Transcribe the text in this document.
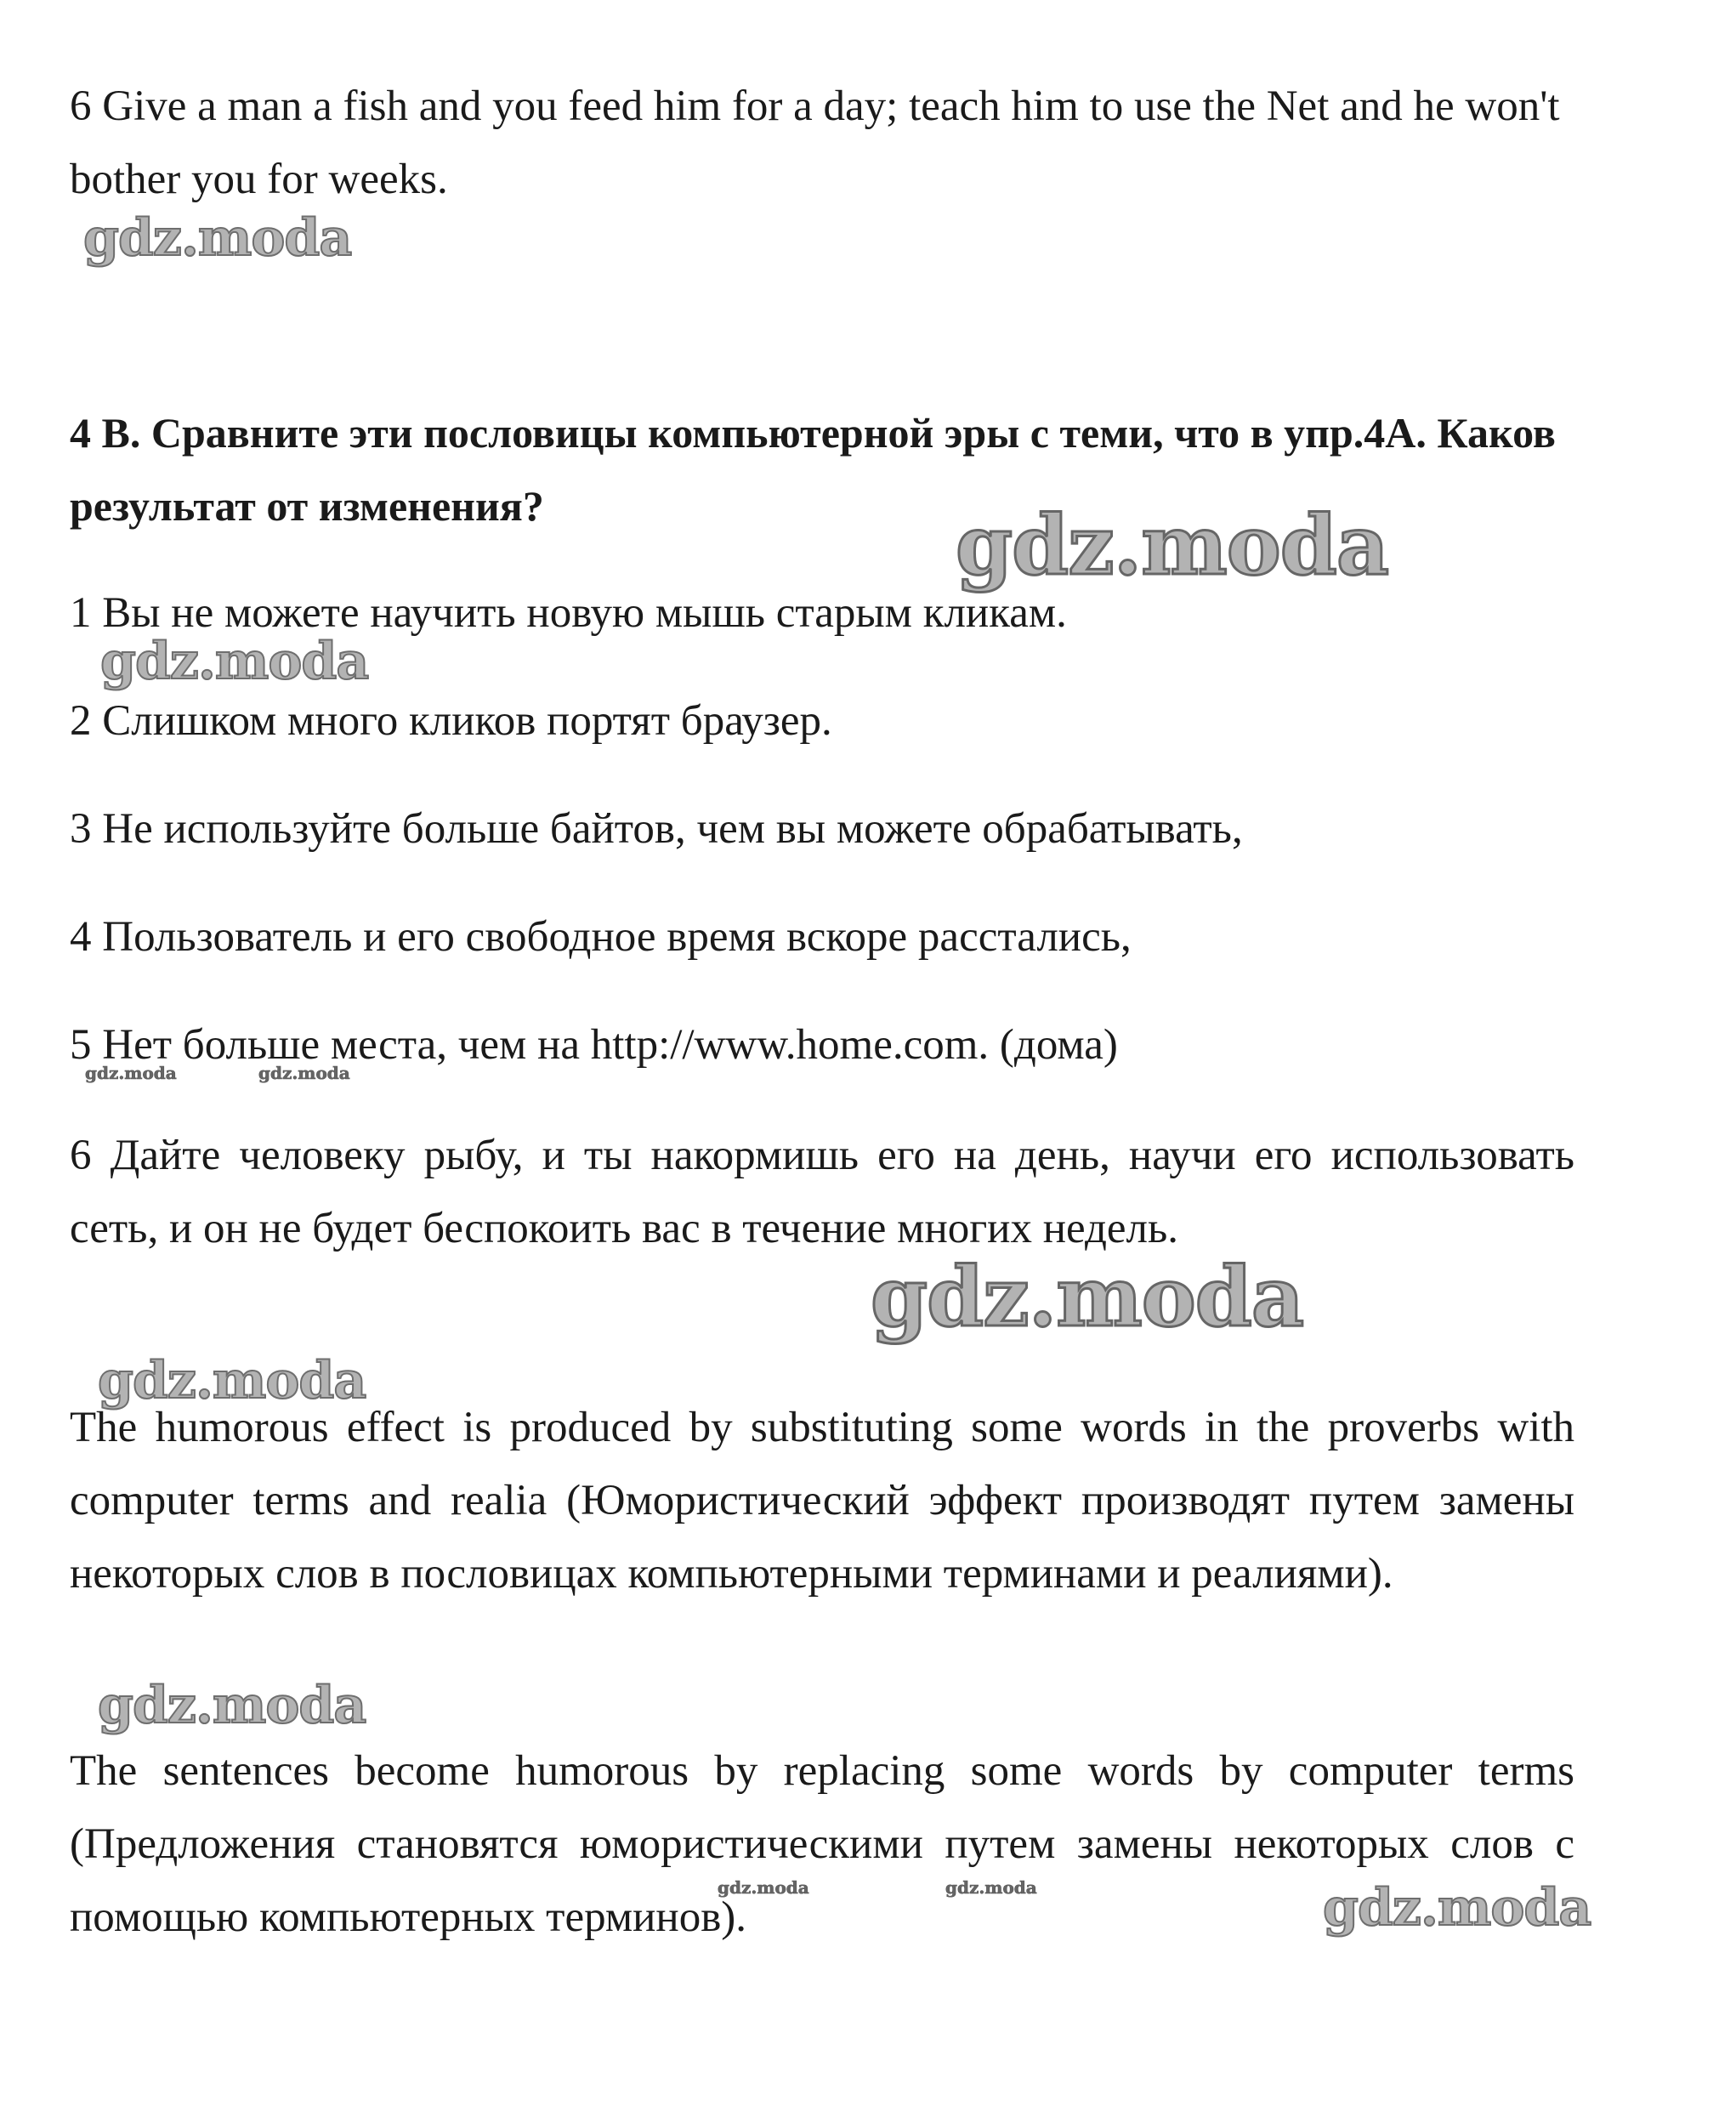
6 Give a man a fish and you feed him for a day; teach him to use the Net and he won't bother you for weeks.

4 B. Сравните эти пословицы компьютерной эры с теми, что в упр.4А. Каков результат от изменения?

1 Вы не можете научить новую мышь старым кликам.

2 Слишком много кликов портят браузер.

3 Не используйте больше байтов, чем вы можете обрабатывать,

4 Пользователь и его свободное время вскоре расстались,

5 Нет больше места, чем на http://www.home.com. (дома)

6 Дайте человеку рыбу, и ты накормишь его на день, научи его использовать сеть, и он не будет беспокоить вас в течение многих недель.

The humorous effect is produced by substituting some words in the proverbs with computer terms and realia (Юмористический эффект производят путем замены некоторых слов в пословицах компьютерными терминами и реалиями).

The sentences become humorous by replacing some words by computer terms (Предложения становятся юмористическими путем замены некоторых слов с помощью компьютерных терминов).

gdz.moda
gdz.moda
gdz.moda
gdz.moda	gdz.moda
gdz.moda
gdz.moda
gdz.moda
gdz.moda	gdz.moda	gdz.moda
